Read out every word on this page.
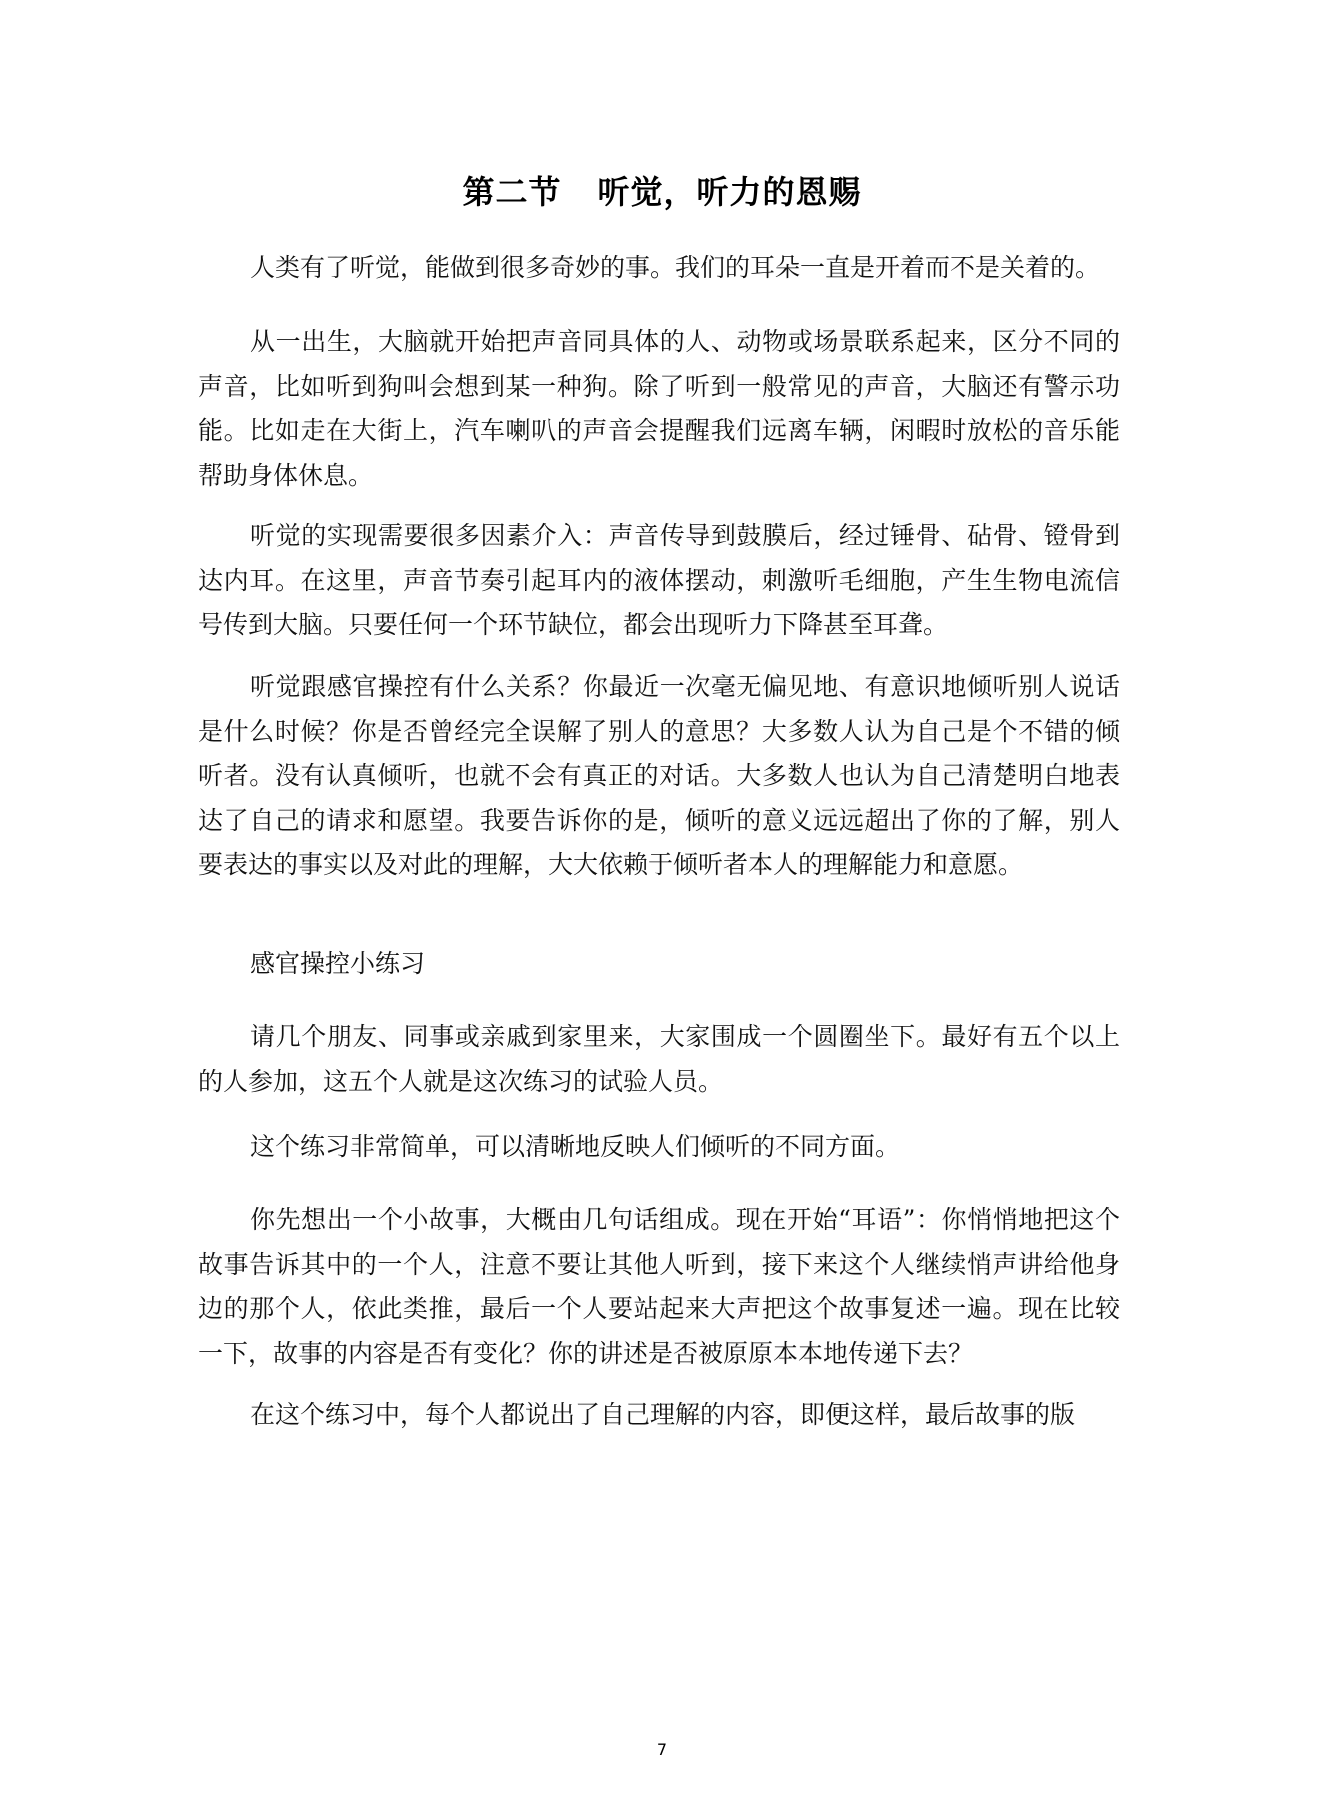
第二节 听觉，听力的恩赐

人类有了听觉，能做到很多奇妙的事。我们的耳朵一直是开着而不是关着的。

从一出生，大脑就开始把声音同具体的人、动物或场景联系起来，区分不同的声音，比如听到狗叫会想到某一种狗。除了听到一般常见的声音，大脑还有警示功能。比如走在大街上，汽车喇叭的声音会提醒我们远离车辆，闲暇时放松的音乐能帮助身体休息。

听觉的实现需要很多因素介入：声音传导到鼓膜后，经过锤骨、砧骨、镫骨到达内耳。在这里，声音节奏引起耳内的液体摆动，刺激听毛细胞，产生生物电流信号传到大脑。只要任何一个环节缺位，都会出现听力下降甚至耳聋。

听觉跟感官操控有什么关系？你最近一次毫无偏见地、有意识地倾听别人说话是什么时候？你是否曾经完全误解了别人的意思？大多数人认为自己是个不错的倾听者。没有认真倾听，也就不会有真正的对话。大多数人也认为自己清楚明白地表达了自己的请求和愿望。我要告诉你的是，倾听的意义远远超出了你的了解，别人要表达的事实以及对此的理解，大大依赖于倾听者本人的理解能力和意愿。

感官操控小练习

请几个朋友、同事或亲戚到家里来，大家围成一个圆圈坐下。最好有五个以上的人参加，这五个人就是这次练习的试验人员。

这个练习非常简单，可以清晰地反映人们倾听的不同方面。

你先想出一个小故事，大概由几句话组成。现在开始“耳语”：你悄悄地把这个故事告诉其中的一个人，注意不要让其他人听到，接下来这个人继续悄声讲给他身边的那个人，依此类推，最后一个人要站起来大声把这个故事复述一遍。现在比较一下，故事的内容是否有变化？你的讲述是否被原原本本地传递下去？

在这个练习中，每个人都说出了自己理解的内容，即便这样，最后故事的版

7
